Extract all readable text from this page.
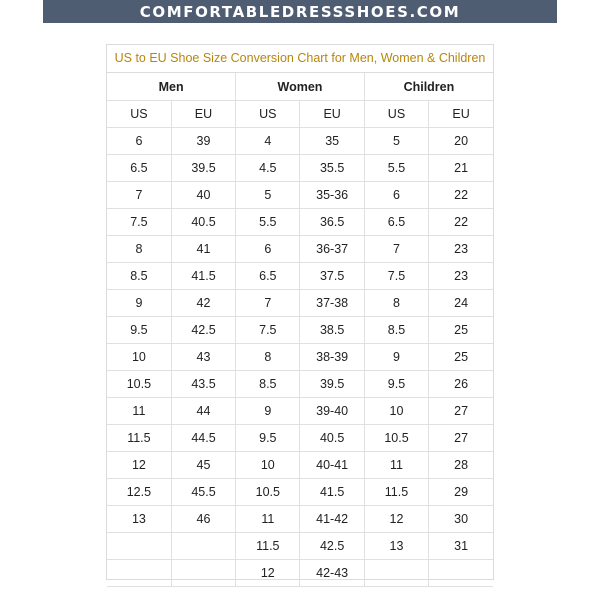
COMFORTABLEDRESSSHOES.COM
US to EU Shoe Size Conversion Chart for Men, Women & Children
Men		Women		Children	
US	EU	US	EU	US	EU
6	39	4	35	5	20
6.5	39.5	4.5	35.5	5.5	21
7	40	5	35-36	6	22
7.5	40.5	5.5	36.5	6.5	22
8	41	6	36-37	7	23
8.5	41.5	6.5	37.5	7.5	23
9	42	7	37-38	8	24
9.5	42.5	7.5	38.5	8.5	25
10	43	8	38-39	9	25
10.5	43.5	8.5	39.5	9.5	26
11	44	9	39-40	10	27
11.5	44.5	9.5	40.5	10.5	27
12	45	10	40-41	11	28
12.5	45.5	10.5	41.5	11.5	29
13	46	11	41-42	12	30
		11.5	42.5	13	31
		12	42-43		
